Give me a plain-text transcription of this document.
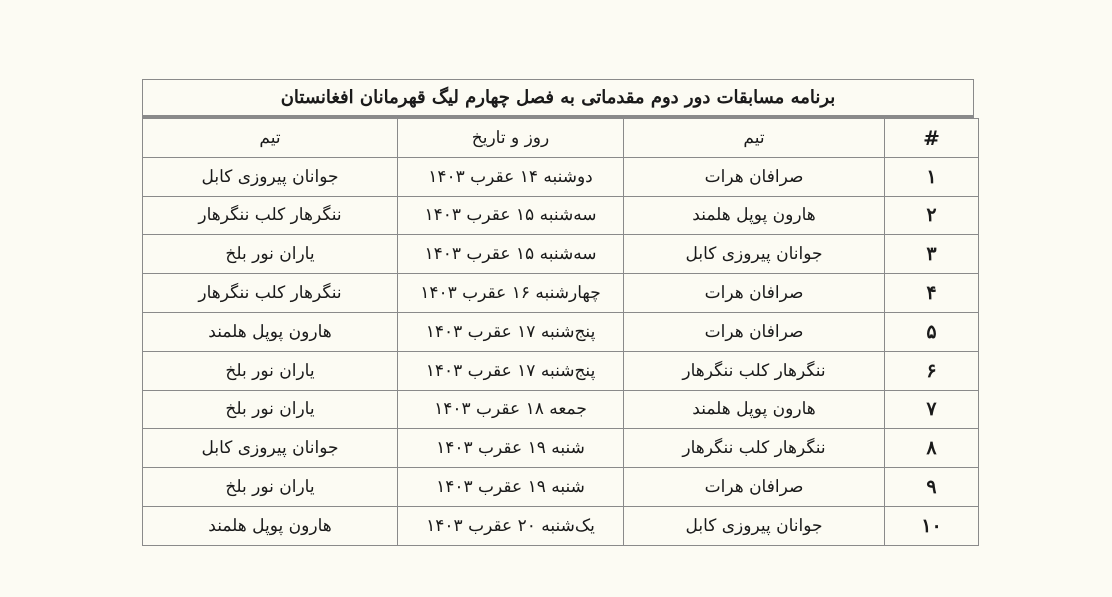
برنامه مسابقات دور دوم مقدماتی به فصل چهارم لیگ قهرمانان افغانستان
#	تیم	روز و تاریخ	تیم
۱	صرافان هرات	دوشنبه ۱۴ عقرب ۱۴۰۳	جوانان پیروزی کابل
۲	هارون پوپل هلمند	سه‌شنبه ۱۵ عقرب ۱۴۰۳	ننگرهار کلب ننگرهار
۳	جوانان پیروزی کابل	سه‌شنبه ۱۵ عقرب ۱۴۰۳	یاران نور بلخ
۴	صرافان هرات	چهارشنبه ۱۶ عقرب ۱۴۰۳	ننگرهار کلب ننگرهار
۵	صرافان هرات	پنج‌شنبه ۱۷ عقرب ۱۴۰۳	هارون پوپل هلمند
۶	ننگرهار کلب ننگرهار	پنج‌شنبه ۱۷ عقرب ۱۴۰۳	یاران نور بلخ
۷	هارون پوپل هلمند	جمعه ۱۸ عقرب ۱۴۰۳	یاران نور بلخ
۸	ننگرهار کلب ننگرهار	شنبه ۱۹ عقرب ۱۴۰۳	جوانان پیروزی کابل
۹	صرافان هرات	شنبه ۱۹ عقرب ۱۴۰۳	یاران نور بلخ
۱۰	جوانان پیروزی کابل	یک‌شنبه ۲۰ عقرب ۱۴۰۳	هارون پوپل هلمند
